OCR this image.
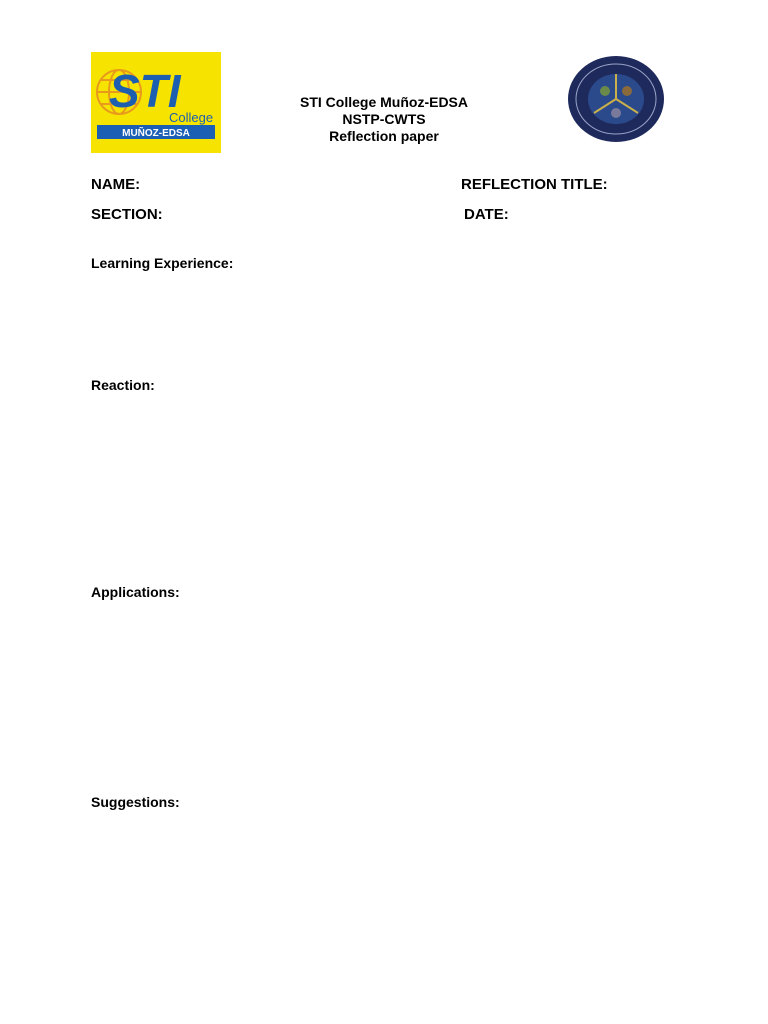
STI
College
MUÑOZ-EDSA
STI College Muñoz-EDSA
NSTP-CWTS
Reflection paper
NAME:	REFLECTION TITLE:
SECTION:	DATE:
Learning Experience:
Reaction:
Applications:
Suggestions:
